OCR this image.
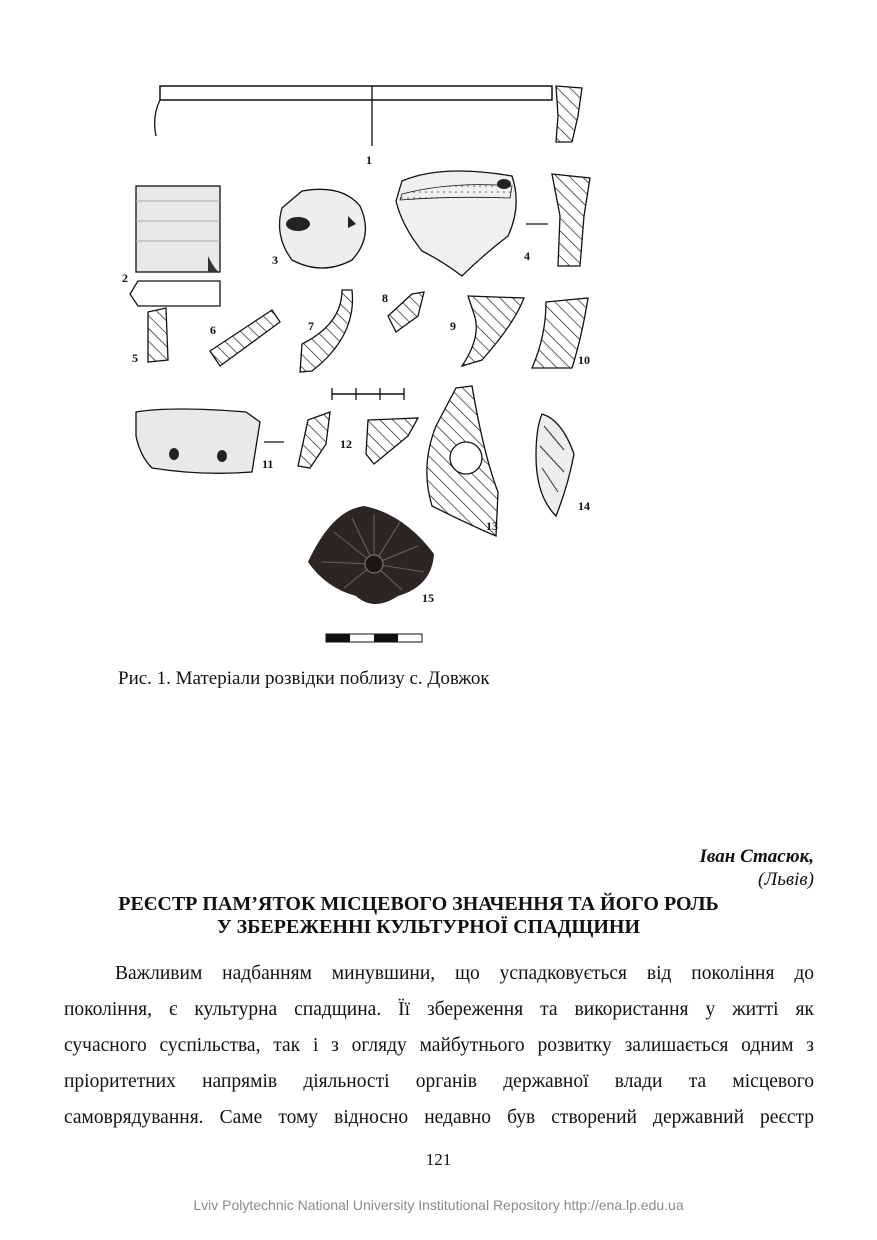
1
2
3	4
5
6	7
8
9
10
11
12
13
14
15
Рис. 1. Матеріали розвідки поблизу с. Довжок
Іван Стасюк,
(Львів)
РЕЄСТР ПАМ’ЯТОК МІСЦЕВОГО ЗНАЧЕННЯ ТА ЙОГО РОЛЬ
У ЗБЕРЕЖЕННІ КУЛЬТУРНОЇ СПАДЩИНИ
Важливим надбанням минувшини, що успадковується від покоління до
покоління, є культурна спадщина. Її збереження та використання у житті як
сучасного суспільства, так і з огляду майбутнього розвитку залишається одним з
пріоритетних напрямів діяльності органів державної влади та місцевого
самоврядування. Саме тому відносно недавно був створений державний реєстр
121
Lviv Polytechnic National University Institutional Repository http://ena.lp.edu.ua
